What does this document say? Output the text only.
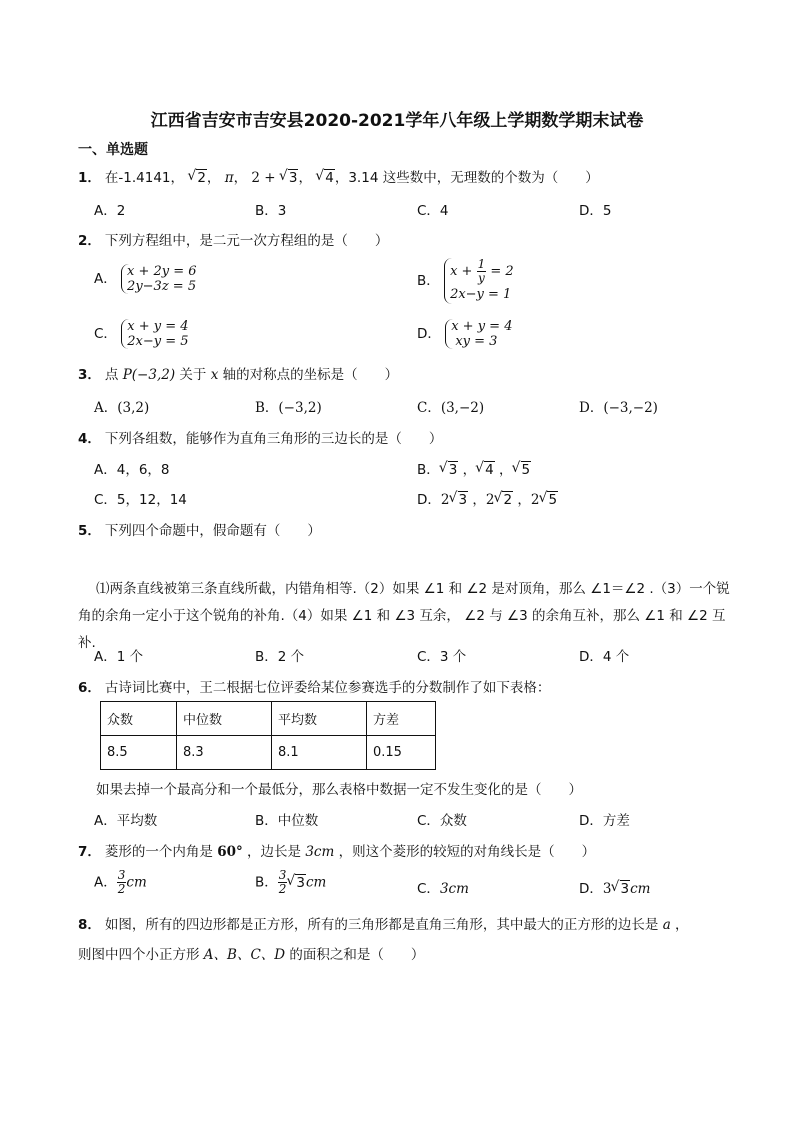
江西省吉安市吉安县2020-2021学年八年级上学期数学期末试卷
一、单选题
1． 在-1.4141， √ 2， π， 2 + √ 3， √ 4，3.14 这些数中，无理数的个数为（　　）
A．2	B．3	C．4	D．5
2． 下列方程组中，是二元一次方程组的是（　　）
A． x + 2y = 6
2y−3z = 5	B． $x + \frac{1}{y} = 2$
2x−y = 1
C． x + y = 4
2x−y = 5	D． x + y = 4
xy = 3
3． 点 P(−3,2) 关于 x 轴的对称点的坐标是（　　）
A．(3,2)	B．(−3,2)	C．(3,−2)	D．(−3,−2)
4． 下列各组数，能够作为直角三角形的三边长的是（　　）
A．4，6，8	B． √ 3 ， √ 4 ， √ 5
C．5，12，14	D．2 √ 3 ，2 √ 2 ，2 √ 5
5． 下列四个命题中，假命题有（　　）
⑴两条直线被第三条直线所截，内错角相等.（2）如果 ∠1 和 ∠2 是对顶角，那么 ∠1＝∠2 .（3）一个锐角的余角一定小于这个锐角的补角.（4）如果 ∠1 和 ∠3 互余， ∠2 与 ∠3 的余角互补，那么 ∠1 和 ∠2 互补.
A．1 个	B．2 个	C．3 个	D．4 个
6． 古诗词比赛中，王二根据七位评委给某位参赛选手的分数制作了如下表格：
众数	中位数	平均数	方差
8.5	8.3	8.1	0.15
如果去掉一个最高分和一个最低分，那么表格中数据一定不发生变化的是（　　）
A．平均数	B．中位数	C．众数	D．方差
7． 菱形的一个内角是 60° ，边长是 3cm ，则这个菱形的较短的对角线长是（　　）
A． $\frac{3}{2}$ cm	B． $\frac{3}{2}$ √ 3cm	C．3cm	D．3 √ 3cm
8． 如图，所有的四边形都是正方形，所有的三角形都是直角三角形，其中最大的正方形的边长是 a ，
则图中四个小正方形 A、B、C、D 的面积之和是（　　）
